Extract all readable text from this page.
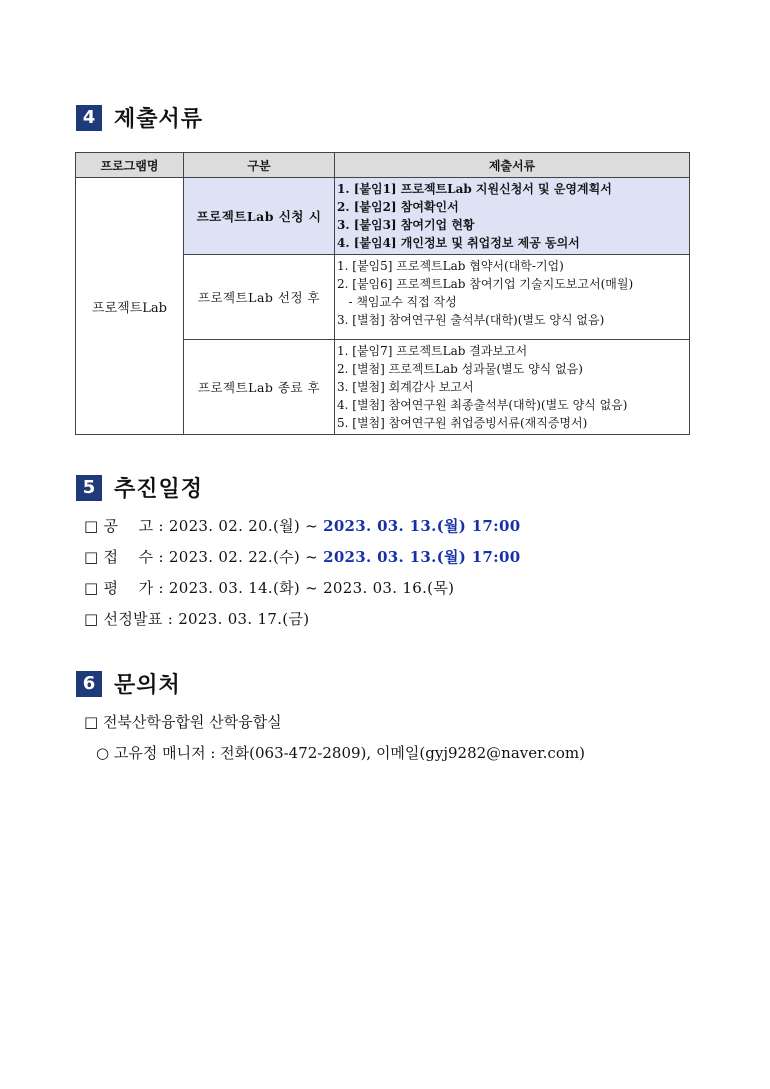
4 제출서류
프로그램명	구분	제출서류
프로젝트Lab	프로젝트Lab 신청 시	1. [붙임1] 프로젝트Lab 지원신청서 및 운영계획서
2. [붙임2] 참여확인서
3. [붙임3] 참여기업 현황
4. [붙임4] 개인정보 및 취업정보 제공 동의서

	프로젝트Lab 선정 후	1. [붙임5] 프로젝트Lab 협약서(대학-기업)
2. [붙임6] 프로젝트Lab 참여기업 기술지도보고서(매월)
- 책임교수 직접 작성
3. [별첨] 참여연구원 출석부(대학)(별도 양식 없음)

	프로젝트Lab 종료 후	1. [붙임7] 프로젝트Lab 결과보고서
2. [별첨] 프로젝트Lab 성과물(별도 양식 없음)
3. [별첨] 회계감사 보고서
4. [별첨] 참여연구원 최종출석부(대학)(별도 양식 없음)
5. [별첨] 참여연구원 취업증빙서류(재직증명서)
5 추진일정
□ 공    고 : 2023. 02. 20.(월) ~ 2023. 03. 13.(월) 17:00
□ 접    수 : 2023. 02. 22.(수) ~ 2023. 03. 13.(월) 17:00
□ 평    가 : 2023. 03. 14.(화) ~ 2023. 03. 16.(목)
□ 선정발표 : 2023. 03. 17.(금)
6 문의처
□ 전북산학융합원 산학융합실
○ 고유정 매니저 : 전화(063-472-2809), 이메일(gyj9282@naver.com)
